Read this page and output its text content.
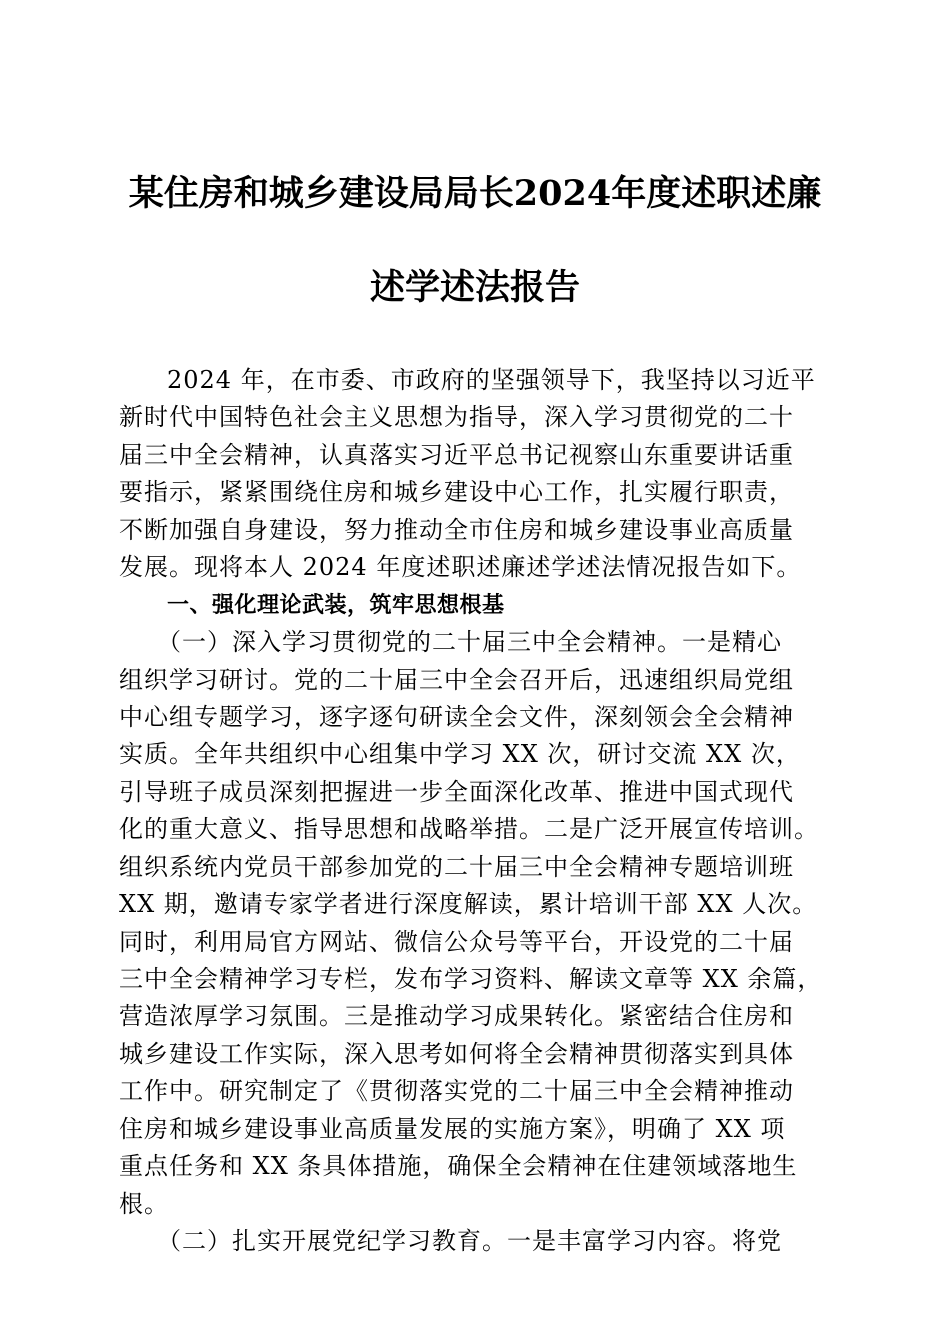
某住房和城乡建设局局长2024年度述职述廉
述学述法报告
2024 年，在市委、市政府的坚强领导下，我坚持以习近平
新时代中国特色社会主义思想为指导，深入学习贯彻党的二十
届三中全会精神，认真落实习近平总书记视察山东重要讲话重
要指示，紧紧围绕住房和城乡建设中心工作，扎实履行职责，
不断加强自身建设，努力推动全市住房和城乡建设事业高质量
发展。现将本人 2024 年度述职述廉述学述法情况报告如下。
一、强化理论武装，筑牢思想根基
（一）深入学习贯彻党的二十届三中全会精神。一是精心
组织学习研讨。党的二十届三中全会召开后，迅速组织局党组
中心组专题学习，逐字逐句研读全会文件，深刻领会全会精神
实质。全年共组织中心组集中学习 XX 次，研讨交流 XX 次，
引导班子成员深刻把握进一步全面深化改革、推进中国式现代
化的重大意义、指导思想和战略举措。二是广泛开展宣传培训。
组织系统内党员干部参加党的二十届三中全会精神专题培训班
XX 期，邀请专家学者进行深度解读，累计培训干部 XX 人次。
同时，利用局官方网站、微信公众号等平台，开设党的二十届
三中全会精神学习专栏，发布学习资料、解读文章等 XX 余篇，
营造浓厚学习氛围。三是推动学习成果转化。紧密结合住房和
城乡建设工作实际，深入思考如何将全会精神贯彻落实到具体
工作中。研究制定了《贯彻落实党的二十届三中全会精神推动
住房和城乡建设事业高质量发展的实施方案》，明确了 XX 项
重点任务和 XX 条具体措施，确保全会精神在住建领域落地生
根。
（二）扎实开展党纪学习教育。一是丰富学习内容。将党
